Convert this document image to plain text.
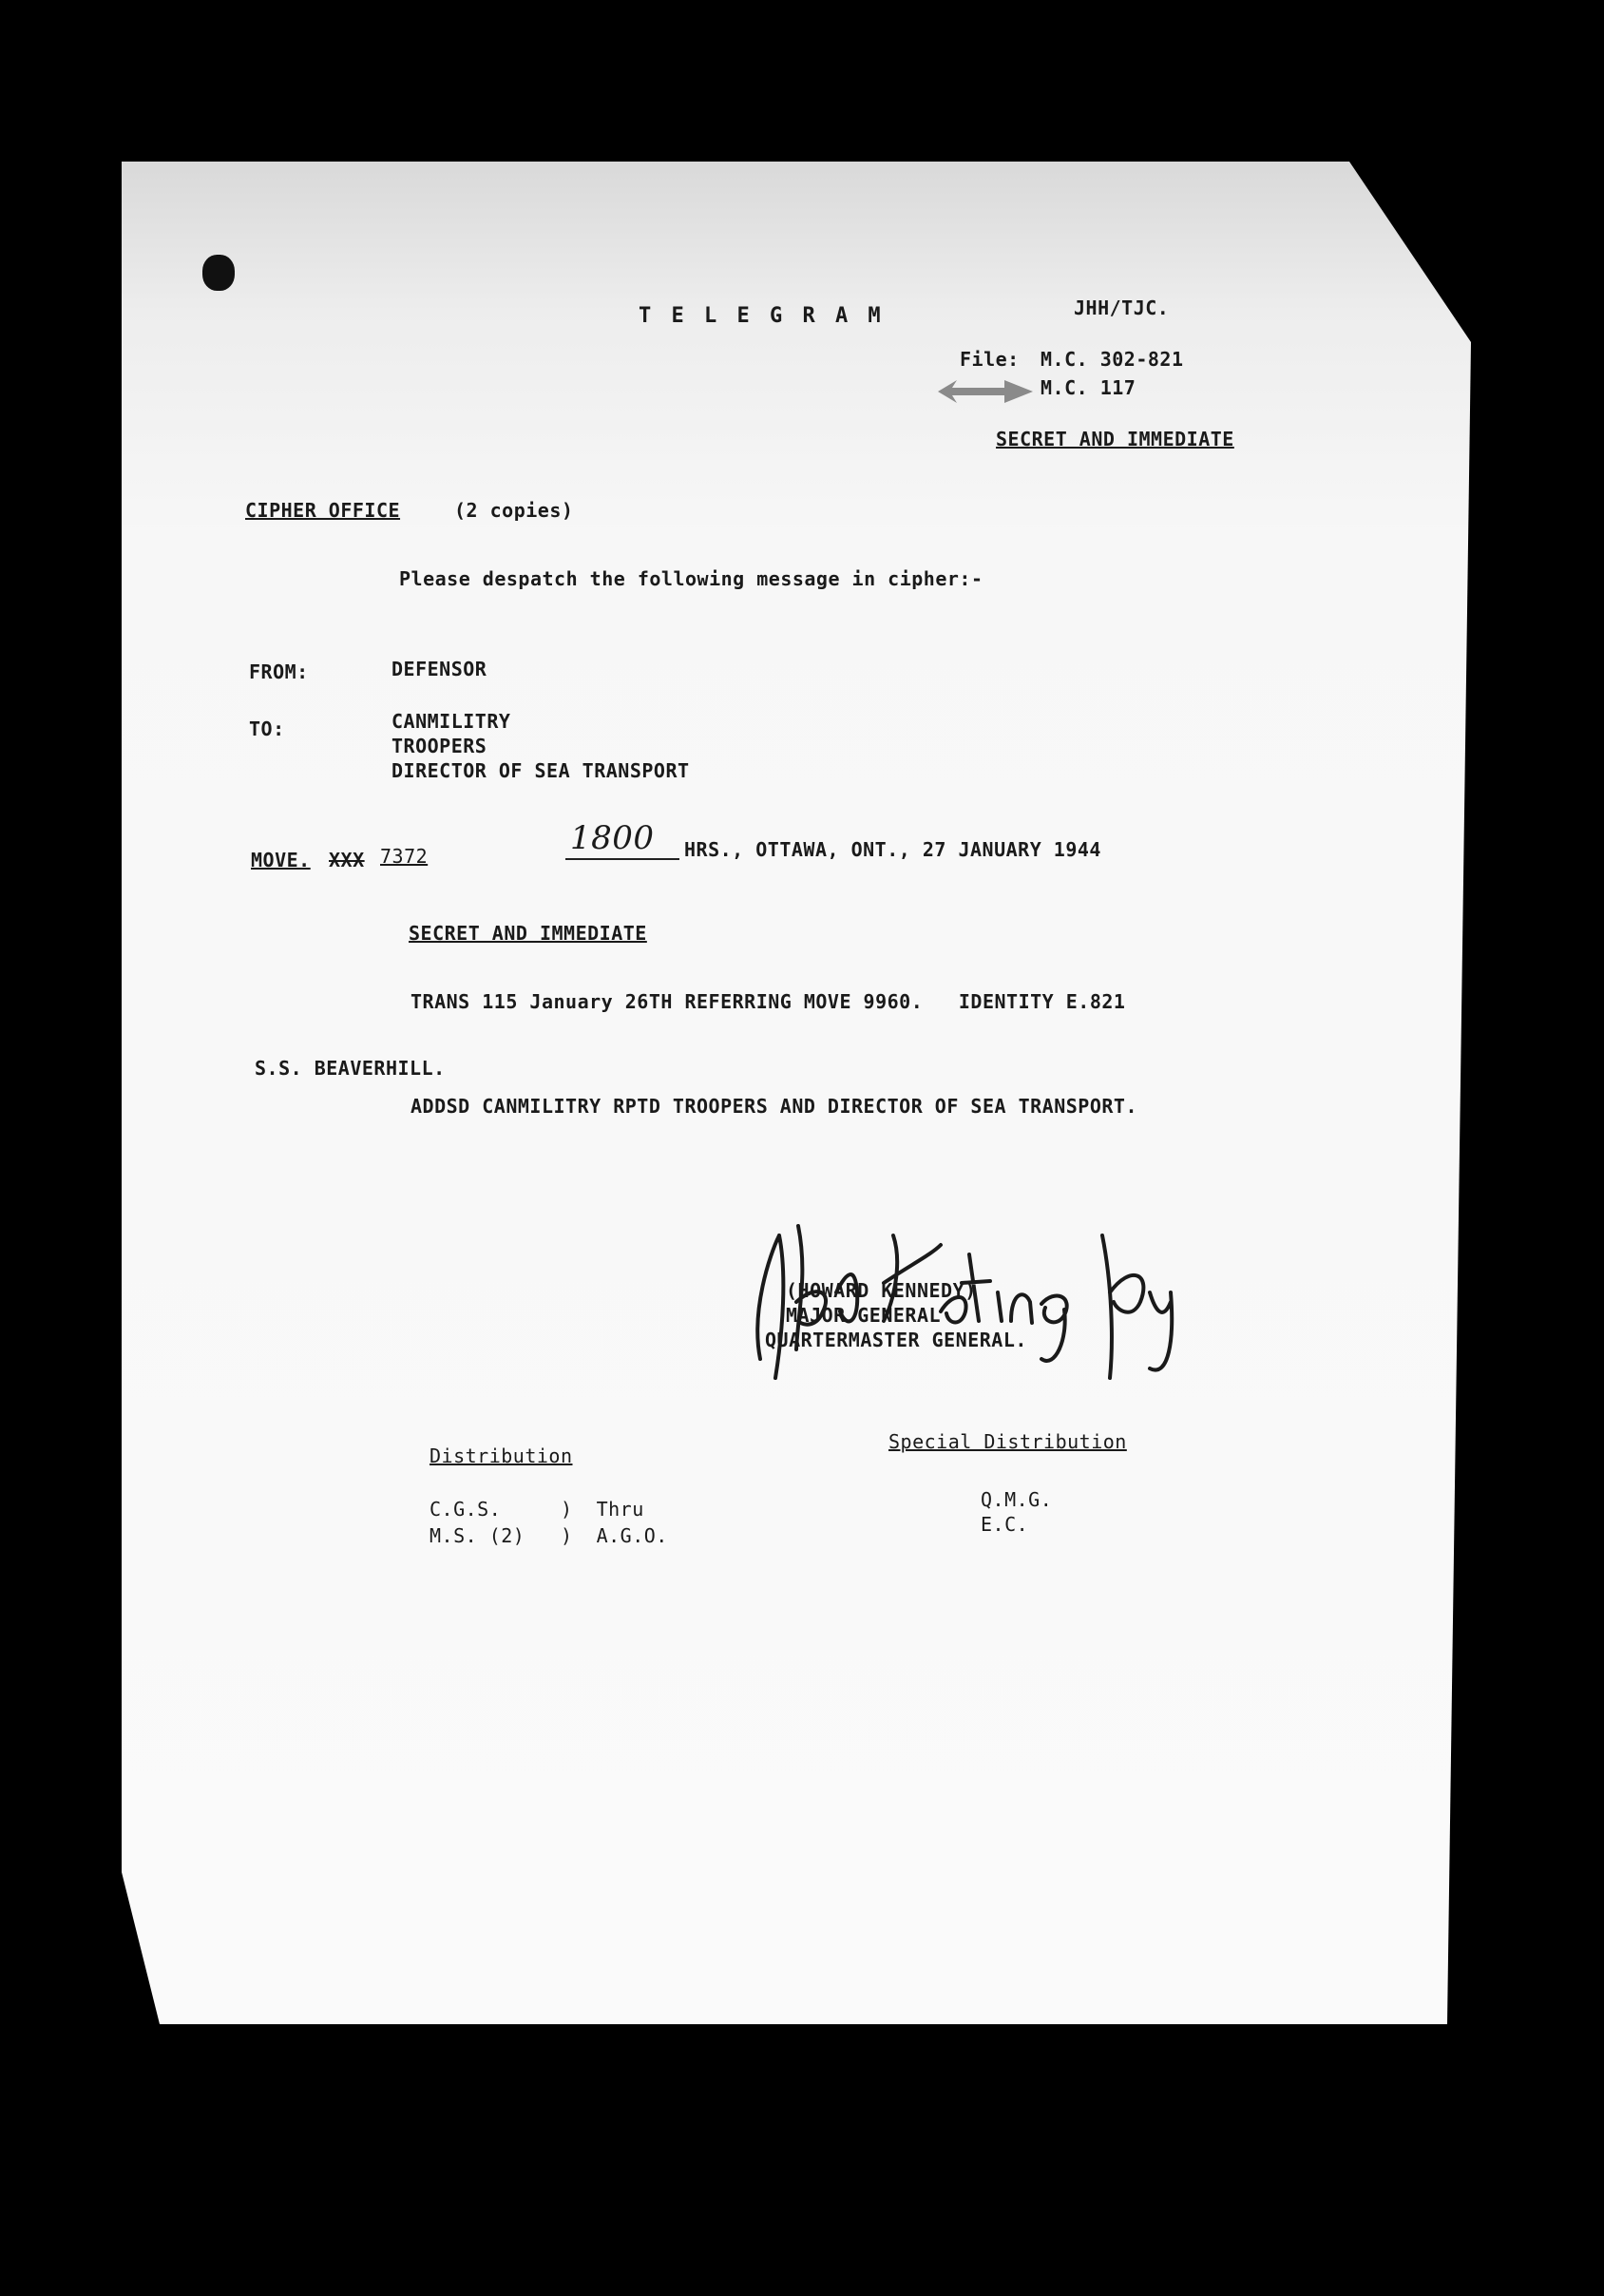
T E L E G R A M	JHH/TJC.
File: M.C. 302-821
M.C. 117
SECRET AND IMMEDIATE
CIPHER OFFICE	(2 copies)
Please despatch the following message in cipher:-
FROM:	DEFENSOR
TO:	CANMILITRY
TROOPERS
DIRECTOR OF SEA TRANSPORT
MOVE. XXX 7372	1800 HRS., OTTAWA, ONT., 27 JANUARY 1944
SECRET AND IMMEDIATE
TRANS 115 January 26TH REFERRING MOVE 9960.   IDENTITY E.821
S.S. BEAVERHILL.
ADDSD CANMILITRY RPTD TROOPERS AND DIRECTOR OF SEA TRANSPORT.
(HOWARD KENNEDY)
MAJOR GENERAL
QUARTERMASTER GENERAL.
Distribution
C.G.S.     )  Thru
M.S. (2)   )  A.G.O.
Special Distribution
Q.M.G.
E.C.
